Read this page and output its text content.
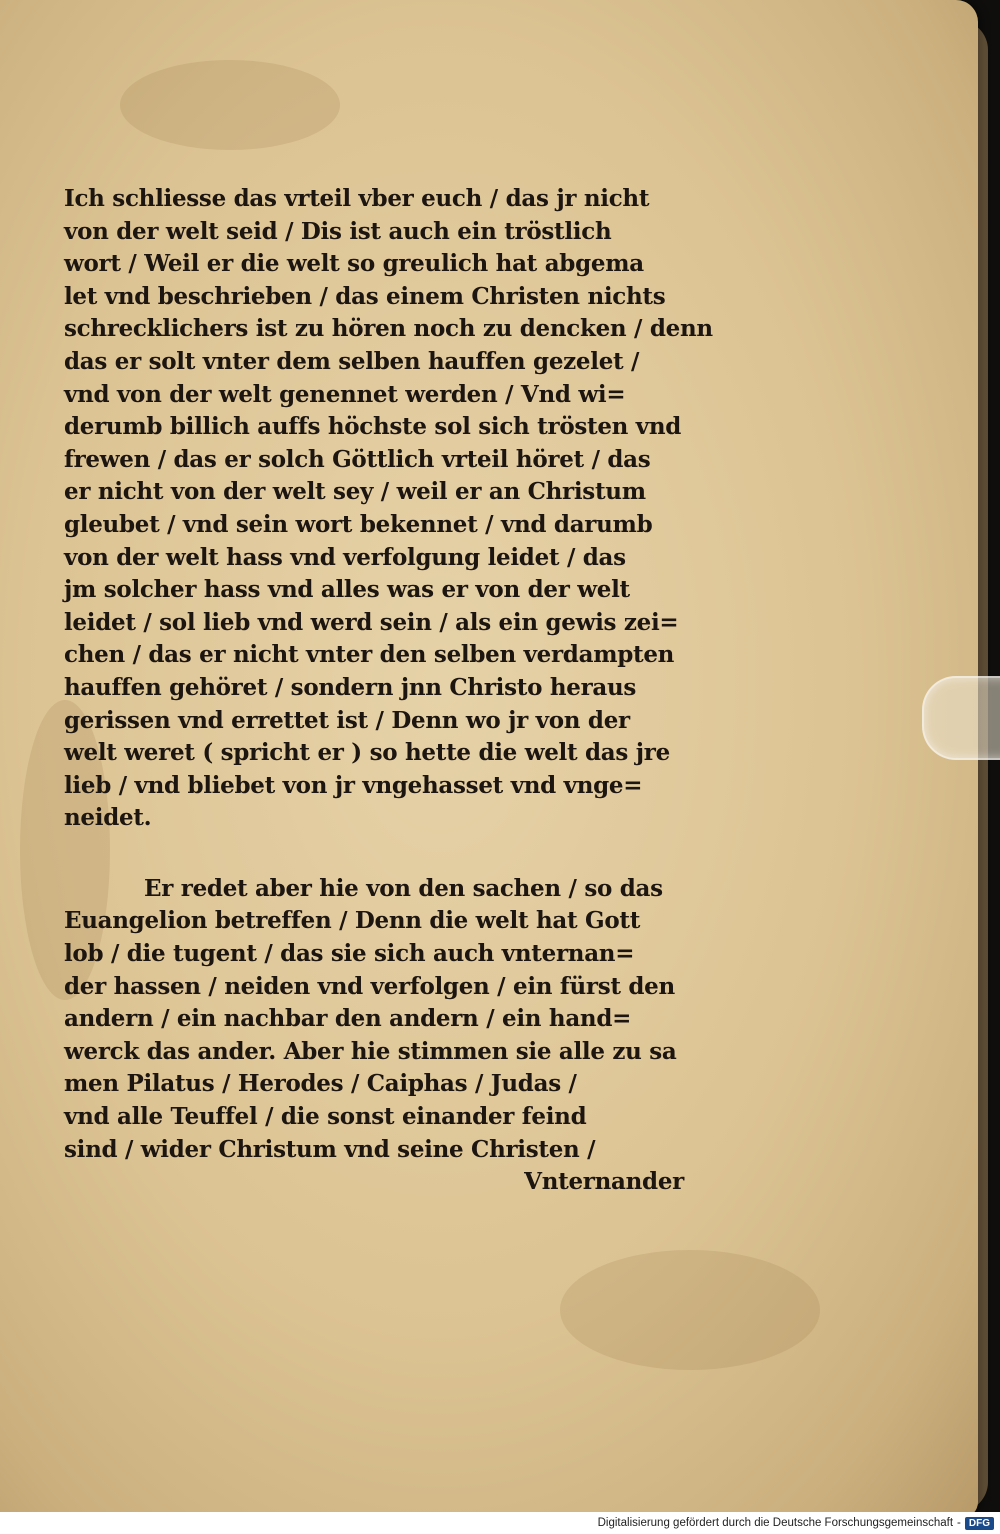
Ich schliesse das vrteil vber euch / das jr nicht
von der welt seid / Dis ist auch ein tröstlich
wort / Weil er die welt so greulich hat abgema
let vnd beschrieben / das einem Christen nichts
schrecklichers ist zu hören noch zu dencken / denn
das er solt vnter dem selben hauffen gezelet /
vnd von der welt genennet werden / Vnd wi=
derumb billich auffs höchste sol sich trösten vnd
frewen / das er solch Göttlich vrteil höret / das
er nicht von der welt sey / weil er an Christum
gleubet / vnd sein wort bekennet / vnd darumb
von der welt hass vnd verfolgung leidet / das
jm solcher hass vnd alles was er von der welt
leidet / sol lieb vnd werd sein / als ein gewis zei=
chen / das er nicht vnter den selben verdampten
hauffen gehöret / sondern jnn Christo heraus
gerissen vnd errettet ist / Denn wo jr von der
welt weret ( spricht er ) so hette die welt das jre
lieb / vnd bliebet von jr vngehasset vnd vnge=
neidet.
Er redet aber hie von den sachen / so das
Euangelion betreffen / Denn die welt hat Gott
lob / die tugent / das sie sich auch vnternan=
der hassen / neiden vnd verfolgen / ein fürst den
andern / ein nachbar den andern / ein hand=
werck das ander. Aber hie stimmen sie alle zu sa
men Pilatus / Herodes / Caiphas / Judas /
vnd alle Teuffel / die sonst einander feind
sind / wider Christum vnd seine Christen /
Vnternander
Digitalisierung gefördert durch die Deutsche Forschungsgemeinschaft - DFG
